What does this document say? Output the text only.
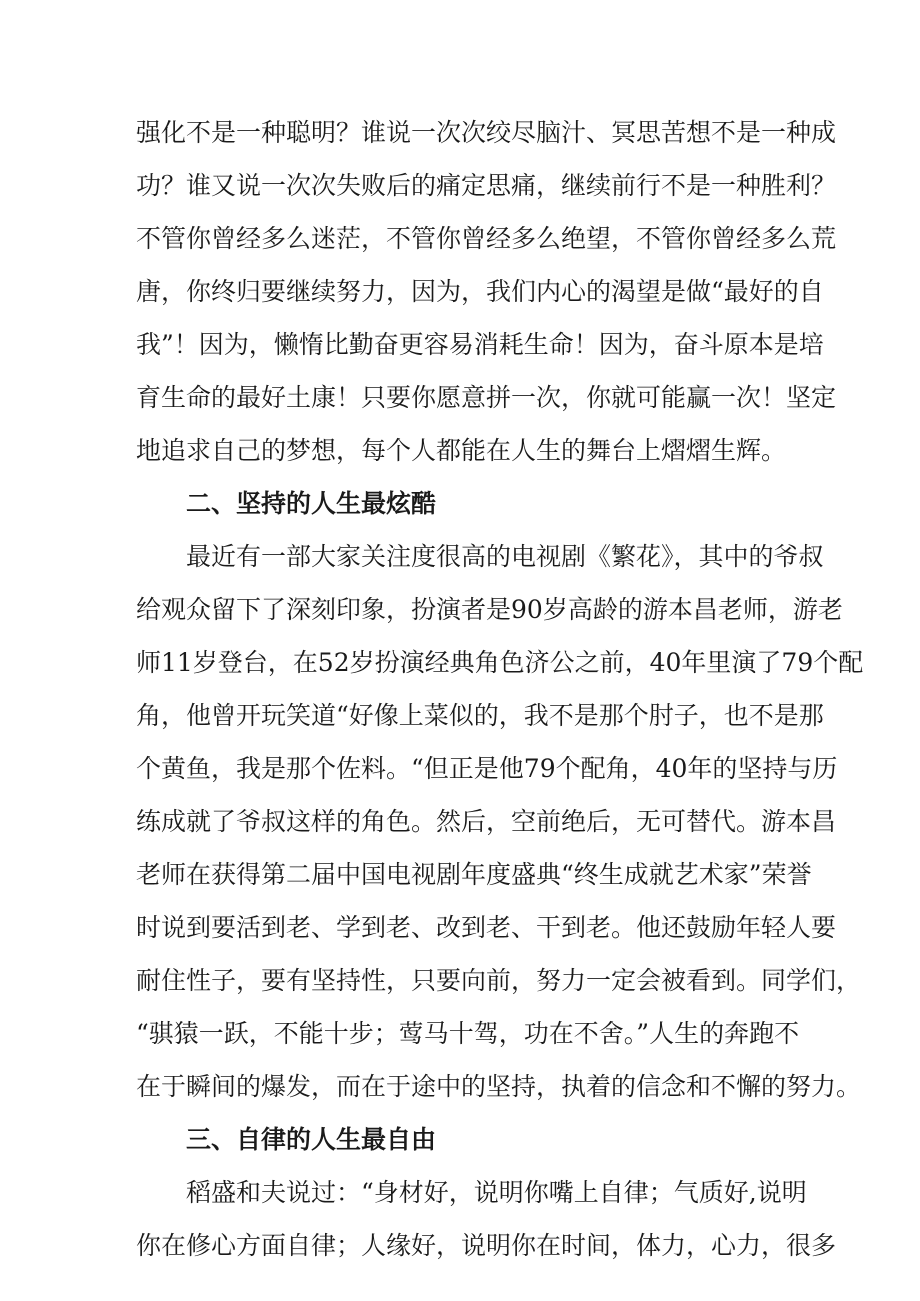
强化不是一种聪明？谁说一次次绞尽脑汁、冥思苦想不是一种成
功？谁又说一次次失败后的痛定思痛，继续前行不是一种胜利？
不管你曾经多么迷茫，不管你曾经多么绝望，不管你曾经多么荒
唐，你终归要继续努力，因为，我们内心的渴望是做“最好的自
我”！因为，懒惰比勤奋更容易消耗生命！因为，奋斗原本是培
育生命的最好土康！只要你愿意拼一次，你就可能赢一次！坚定
地追求自己的梦想，每个人都能在人生的舞台上熠熠生辉。
二、坚持的人生最炫酷
最近有一部大家关注度很高的电视剧《繁花》，其中的爷叔
给观众留下了深刻印象，扮演者是90岁高龄的游本昌老师，游老
师11岁登台，在52岁扮演经典角色济公之前，40年里演了79个配
角，他曾开玩笑道“好像上菜似的，我不是那个肘子，也不是那
个黄鱼，我是那个佐料。“但正是他79个配角，40年的坚持与历
练成就了爷叔这样的角色。然后，空前绝后，无可替代。游本昌
老师在获得第二届中国电视剧年度盛典“终生成就艺术家”荣誉
时说到要活到老、学到老、改到老、干到老。他还鼓励年轻人要
耐住性子，要有坚持性，只要向前，努力一定会被看到。同学们，
“骐猿一跃，不能十步；莺马十驾，功在不舍。”人生的奔跑不
在于瞬间的爆发，而在于途中的坚持，执着的信念和不懈的努力。
三、自律的人生最自由
稻盛和夫说过：“身材好，说明你嘴上自律；气质好,说明
你在修心方面自律；人缘好，说明你在时间，体力，心力，很多
